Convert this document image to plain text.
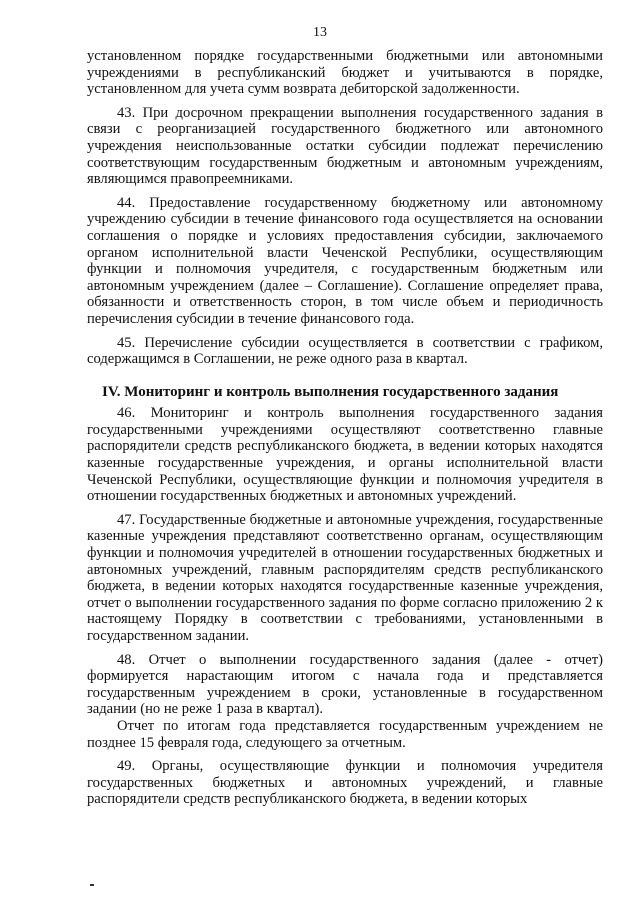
13

установленном порядке государственными бюджетными или автономными учреждениями в республиканский бюджет и учитываются в порядке, установленном для учета сумм возврата дебиторской задолженности.

43. При досрочном прекращении выполнения государственного задания в связи с реорганизацией государственного бюджетного или автономного учреждения неиспользованные остатки субсидии подлежат перечислению соответствующим государственным бюджетным и автономным учреждениям, являющимся правопреемниками.

44. Предоставление государственному бюджетному или автономному учреждению субсидии в течение финансового года осуществляется на основании соглашения о порядке и условиях предоставления субсидии, заключаемого органом исполнительной власти Чеченской Республики, осуществляющим функции и полномочия учредителя, с государственным бюджетным или автономным учреждением (далее – Соглашение). Соглашение определяет права, обязанности и ответственность сторон, в том числе объем и периодичность перечисления субсидии в течение финансового года.

45. Перечисление субсидии осуществляется в соответствии с графиком, содержащимся в Соглашении, не реже одного раза в квартал.

IV. Мониторинг и контроль выполнения государственного задания

46. Мониторинг и контроль выполнения государственного задания государственными учреждениями осуществляют соответственно главные распорядители средств республиканского бюджета, в ведении которых находятся казенные государственные учреждения, и органы исполнительной власти Чеченской Республики, осуществляющие функции и полномочия учредителя в отношении государственных бюджетных и автономных учреждений.

47. Государственные бюджетные и автономные учреждения, государственные казенные учреждения представляют соответственно органам, осуществляющим функции и полномочия учредителей в отношении государственных бюджетных и автономных учреждений, главным распорядителям средств республиканского бюджета, в ведении которых находятся государственные казенные учреждения, отчет о выполнении государственного задания по форме согласно приложению 2 к настоящему Порядку в соответствии с требованиями, установленными в государственном задании.

48. Отчет о выполнении государственного задания (далее - отчет) формируется нарастающим итогом с начала года и представляется государственным учреждением в сроки, установленные в государственном задании (но не реже 1 раза в квартал).

Отчет по итогам года представляется государственным учреждением не позднее 15 февраля года, следующего за отчетным.

49. Органы, осуществляющие функции и полномочия учредителя государственных бюджетных и автономных учреждений, и главные распорядители средств республиканского бюджета, в ведении которых
